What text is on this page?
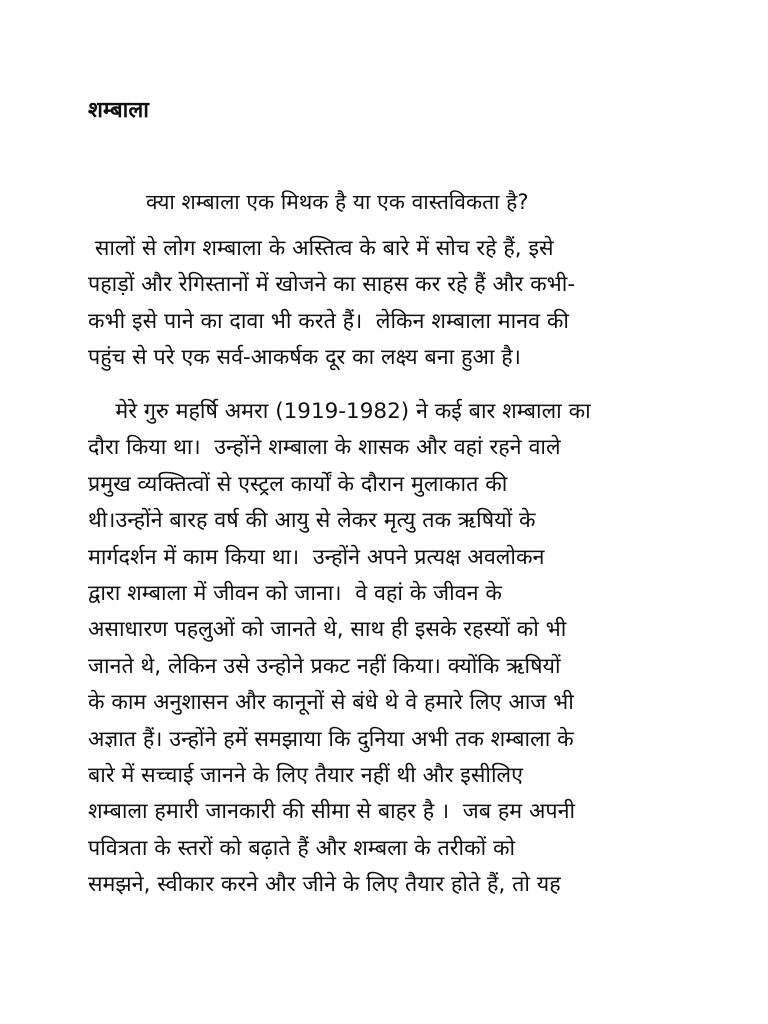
शम्बाला
क्या शम्बाला एक मिथक है या एक वास्तविकता है?
सालों से लोग शम्बाला के अस्तित्व के बारे में सोच रहे हैं, इसे
पहाड़ों और रेगिस्तानों में खोजने का साहस कर रहे हैं और कभी-
कभी इसे पाने का दावा भी करते हैं।  लेकिन शम्बाला मानव की
पहुंच से परे एक सर्व-आकर्षक दूर का लक्ष्य बना हुआ है।
मेरे गुरु महर्षि अमरा (1919-1982) ने कई बार शम्बाला का
दौरा किया था।  उन्होंने शम्बाला के शासक और वहां रहने वाले
प्रमुख व्यक्तित्वों से एस्ट्रल कार्यों के दौरान मुलाकात की
थी।उन्होंने बारह वर्ष की आयु से लेकर मृत्यु तक ऋषियों के
मार्गदर्शन में काम किया था।  उन्होंने अपने प्रत्यक्ष अवलोकन
द्वारा शम्बाला में जीवन को जाना।  वे वहां के जीवन के
असाधारण पहलुओं को जानते थे, साथ ही इसके रहस्यों को भी
जानते थे, लेकिन उसे उन्होने प्रकट नहीं किया। क्योंकि ऋषियों
के काम अनुशासन और कानूनों से बंधे थे वे हमारे लिए आज भी
अज्ञात हैं। उन्होंने हमें समझाया कि दुनिया अभी तक शम्बाला के
बारे में सच्चाई जानने के लिए तैयार नहीं थी और इसीलिए
शम्बाला हमारी जानकारी की सीमा से बाहर है ।  जब हम अपनी
पवित्रता के स्तरों को बढ़ाते हैं और शम्बला के तरीकों को
समझने, स्वीकार करने और जीने के लिए तैयार होते हैं, तो यह
